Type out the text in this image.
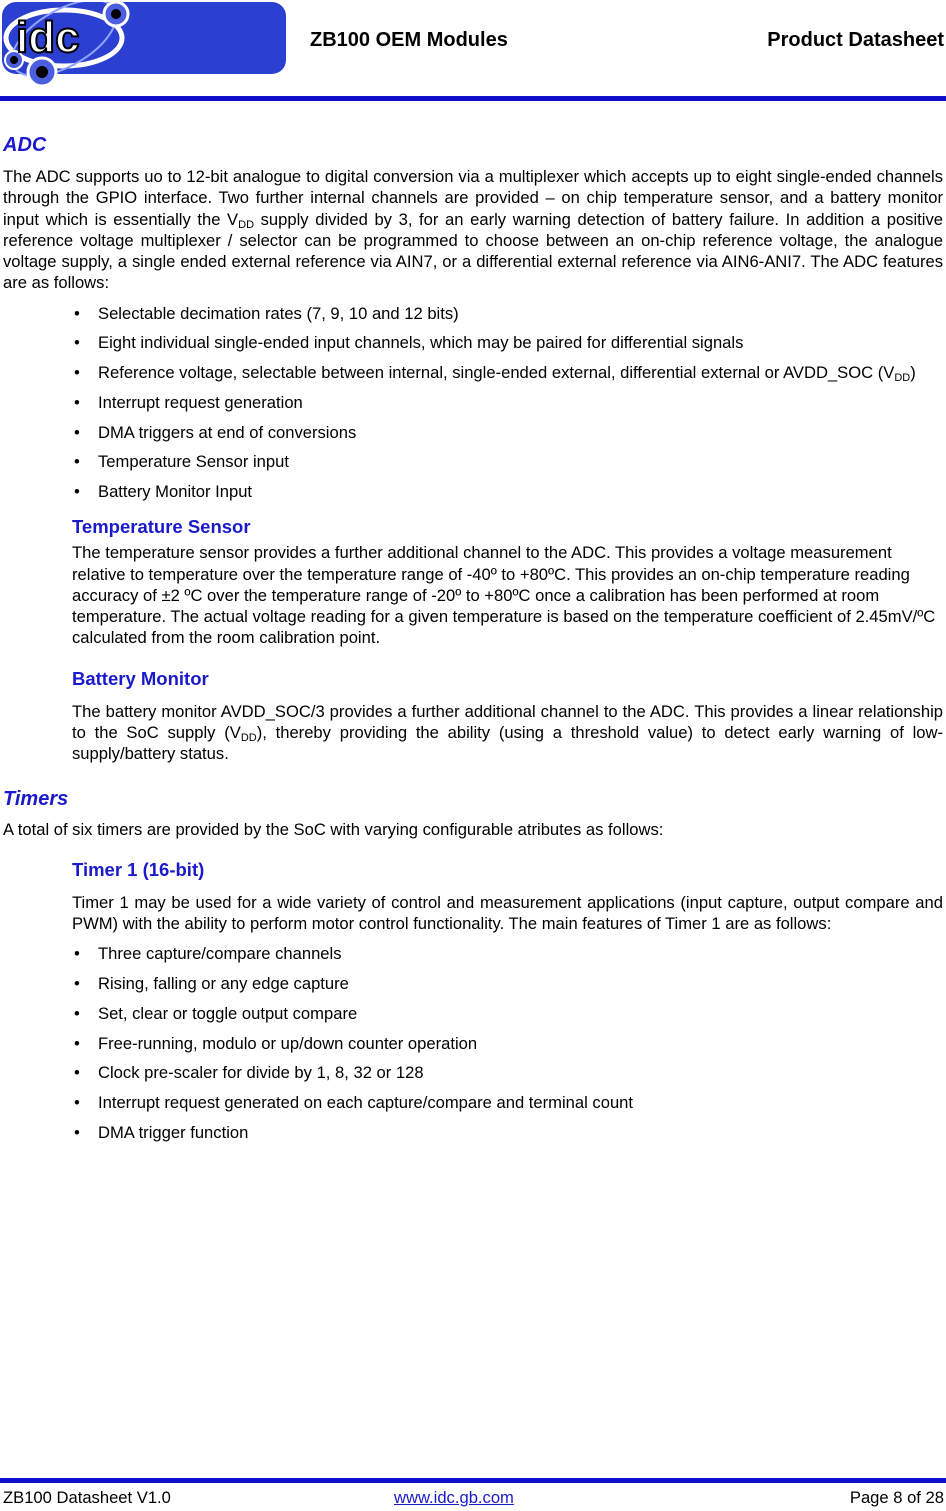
idc	ZB100 OEM Modules	Product Datasheet
ADC

The ADC supports uo to 12-bit analogue to digital conversion via a multiplexer which accepts up to eight single-ended channels through the GPIO interface. Two further internal channels are provided – on chip temperature sensor, and a battery monitor input which is essentially the $V_{DD}$ supply divided by 3, for an early warning detection of battery failure. In addition a positive reference voltage multiplexer / selector can be programmed to choose between an on-chip reference voltage, the analogue voltage supply, a single ended external reference via AIN7, or a differential external reference via AIN6-ANI7. The ADC features are as follows:

• Selectable decimation rates (7, 9, 10 and 12 bits)
• Eight individual single-ended input channels, which may be paired for differential signals
• Reference voltage, selectable between internal, single-ended external, differential external or AVDD_SOC $(V_{DD})$
• Interrupt request generation
• DMA triggers at end of conversions
• Temperature Sensor input
• Battery Monitor Input
Temperature Sensor

The temperature sensor provides a further additional channel to the ADC. This provides a voltage measurement relative to temperature over the temperature range of -40º to +80ºC. This provides an on-chip temperature reading accuracy of ±2 ºC over the temperature range of -20º to +80ºC once a calibration has been performed at room temperature. The actual voltage reading for a given temperature is based on the temperature coefficient of 2.45mV/ºC calculated from the room calibration point.

Battery Monitor

The battery monitor AVDD_SOC/3 provides a further additional channel to the ADC. This provides a linear relationship to the SoC supply $(V_{DD})$, thereby providing the ability (using a threshold value) to detect early warning of low-supply/battery status.

Timers

A total of six timers are provided by the SoC with varying configurable atributes as follows:

Timer 1 (16-bit)

Timer 1 may be used for a wide variety of control and measurement applications (input capture, output compare and PWM) with the ability to perform motor control functionality. The main features of Timer 1 are as follows:

• Three capture/compare channels
• Rising, falling or any edge capture
• Set, clear or toggle output compare
• Free-running, modulo or up/down counter operation
• Clock pre-scaler for divide by 1, 8, 32 or 128
• Interrupt request generated on each capture/compare and terminal count
• DMA trigger function
ZB100 Datasheet V1.0	www.idc.gb.com	Page 8 of 28
